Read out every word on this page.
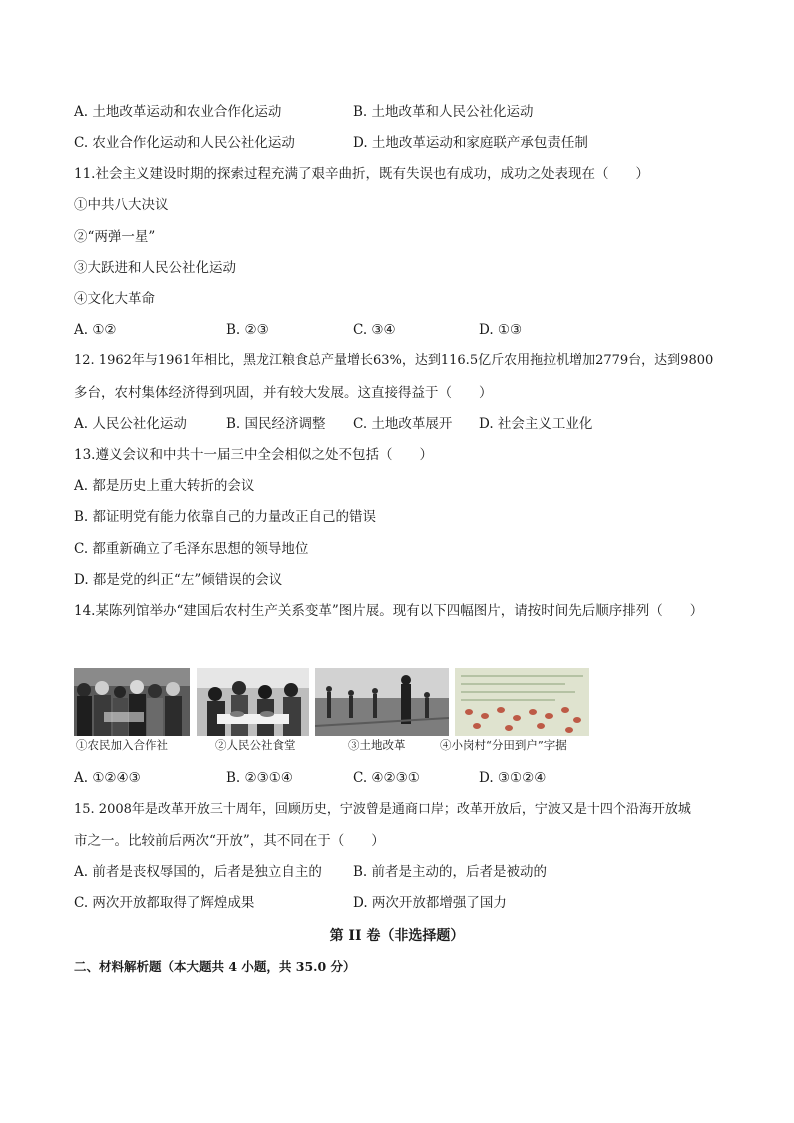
A. 土地改革运动和农业合作化运动	B. 土地改革和人民公社化运动
C. 农业合作化运动和人民公社化运动	D. 土地改革运动和家庭联产承包责任制
11.社会主义建设时期的探索过程充满了艰辛曲折，既有失误也有成功，成功之处表现在（　　）
①中共八大决议
②“两弹一星”
③大跃进和人民公社化运动
④文化大革命
A. ①②	B. ②③	C. ③④	D. ①③
12. 1962年与1961年相比，黑龙江粮食总产量增长63%，达到116.5亿斤农用拖拉机增加2779台，达到9800
多台，农村集体经济得到巩固，并有较大发展。这直接得益于（　　）
A. 人民公社化运动	B. 国民经济调整 C. 土地改革展开 D. 社会主义工业化
13.遵义会议和中共十一届三中全会相似之处不包括（　　）
A. 都是历史上重大转折的会议
B. 都证明党有能力依靠自己的力量改正自己的错误
C. 都重新确立了毛泽东思想的领导地位
D. 都是党的纠正“左”倾错误的会议
14.某陈列馆举办“建国后农村生产关系变革”图片展。现有以下四幅图片，请按时间先后顺序排列（　　）
①农民加入合作社	②人民公社食堂	③土地改革	④小岗村“分田到户”字据
A. ①②④③	B. ②③①④	C. ④②③①	D. ③①②④
15. 2008年是改革开放三十周年，回顾历史，宁波曾是通商口岸；改革开放后，宁波又是十四个沿海开放城
市之一。比较前后两次“开放”，其不同在于（　　）
A. 前者是丧权辱国的，后者是独立自主的 B. 前者是主动的，后者是被动的
C. 两次开放都取得了辉煌成果	D. 两次开放都增强了国力
第 II 卷（非选择题）
二、材料解析题（本大题共 4 小题，共 35.0 分）
